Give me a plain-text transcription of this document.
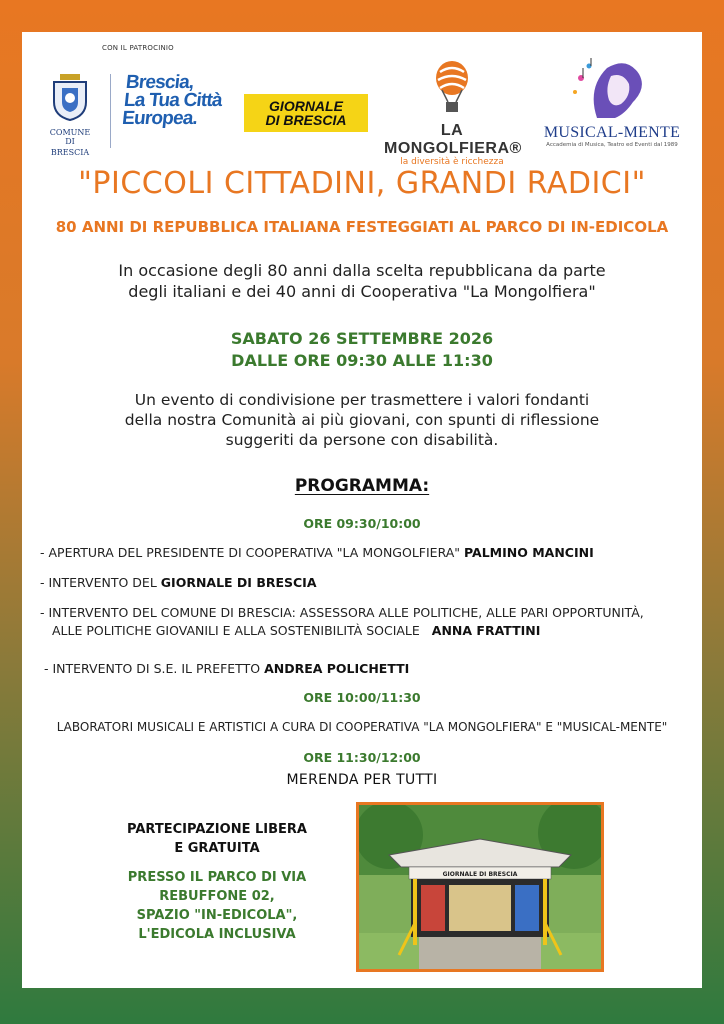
CON IL PATROCINIO
COMUNE DI
BRESCIA
Brescia,
La Tua Città
Europea.
GIORNALE
DI BRESCIA
LA MONGOLFIERA®
la diversità è ricchezza
MUSICAL-MENTE
Accademia di Musica, Teatro ed Eventi dal 1989
"PICCOLI CITTADINI, GRANDI RADICI"
80 ANNI DI REPUBBLICA ITALIANA FESTEGGIATI AL PARCO DI IN-EDICOLA
In occasione degli 80 anni dalla scelta repubblicana da parte
degli italiani e dei 40 anni di Cooperativa "La Mongolfiera"
SABATO 26 SETTEMBRE 2026
DALLE ORE 09:30 ALLE 11:30
Un evento di condivisione per trasmettere i valori fondanti
della nostra Comunità ai più giovani, con spunti di riflessione
suggeriti da persone con disabilità.
PROGRAMMA:
ORE 09:30/10:00
- APERTURA DEL PRESIDENTE DI COOPERATIVA "LA MONGOLFIERA" PALMINO MANCINI
- INTERVENTO DEL GIORNALE DI BRESCIA
- INTERVENTO DEL COMUNE DI BRESCIA: ASSESSORA ALLE POLITICHE, ALLE PARI OPPORTUNITÀ,
ALLE POLITICHE GIOVANILI E ALLA SOSTENIBILITÀ SOCIALE ANNA FRATTINI
- INTERVENTO DI S.E. IL PREFETTO ANDREA POLICHETTI
ORE 10:00/11:30
LABORATORI MUSICALI E ARTISTICI A CURA DI COOPERATIVA "LA MONGOLFIERA" E "MUSICAL-MENTE"
ORE 11:30/12:00
MERENDA PER TUTTI
PARTECIPAZIONE LIBERA
E GRATUITA
PRESSO IL PARCO DI VIA
REBUFFONE 02,
SPAZIO "IN-EDICOLA",
L'EDICOLA INCLUSIVA
GIORNALE DI BRESCIA
